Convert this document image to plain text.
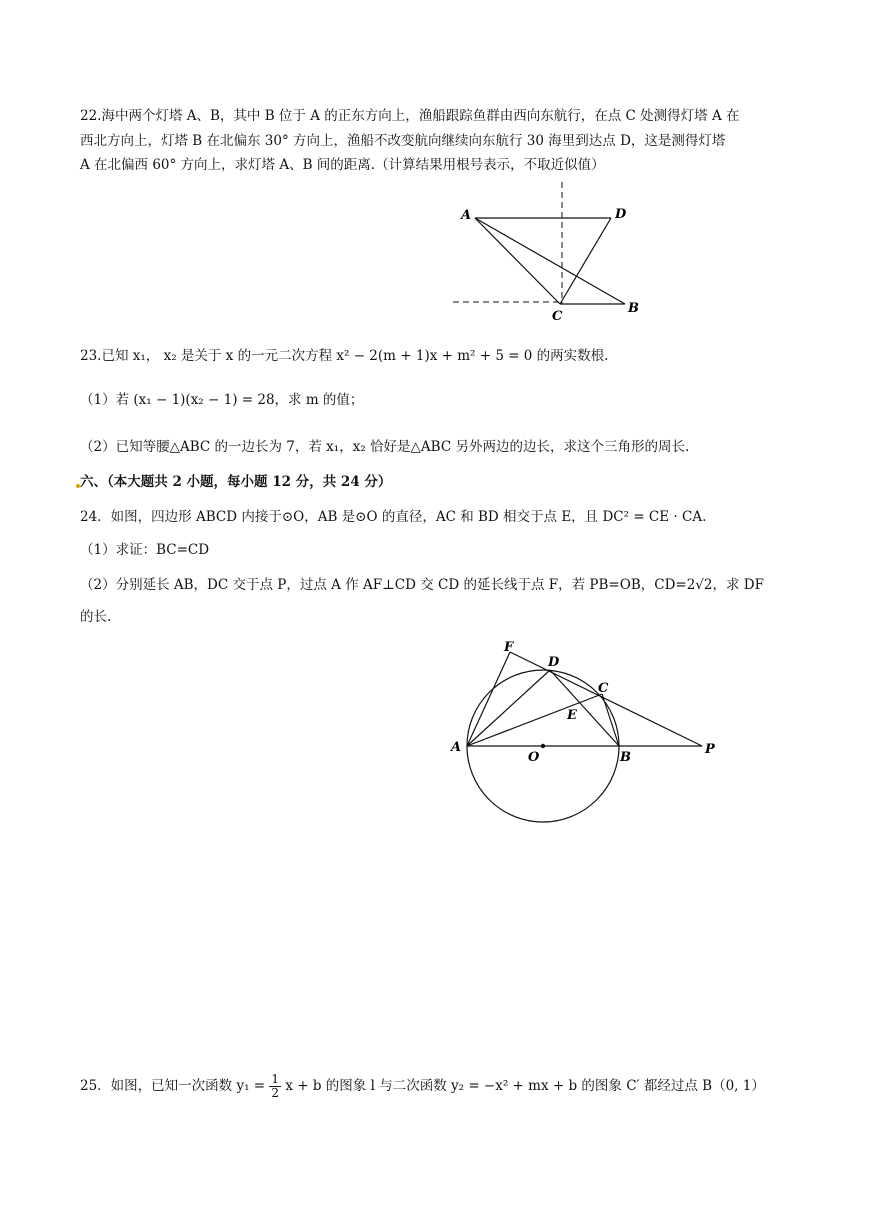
22.海中两个灯塔 A、B，其中 B 位于 A 的正东方向上，渔船跟踪鱼群由西向东航行，在点 C 处测得灯塔 A 在
西北方向上，灯塔 B 在北偏东 30° 方向上，渔船不改变航向继续向东航行 30 海里到达点 D，这是测得灯塔
A 在北偏西 60° 方向上，求灯塔 A、B 间的距离.（计算结果用根号表示，不取近似值）
A	D
C
B
23.已知 x₁， x₂ 是关于 x 的一元二次方程 x² − 2(m + 1)x + m² + 5 = 0 的两实数根.
（1）若 (x₁ − 1)(x₂ − 1) = 28，求 m 的值；
（2）已知等腰△ABC 的一边长为 7，若 x₁，x₂ 恰好是△ABC 另外两边的边长，求这个三角形的周长.
六、（本大题共 2 小题，每小题 12 分，共 24 分）
24．如图，四边形 ABCD 内接于⊙O，AB 是⊙O 的直径，AC 和 BD 相交于点 E，且 DC² = CE · CA.
（1）求证：BC=CD
（2）分别延长 AB，DC 交于点 P，过点 A 作 AF⊥CD 交 CD 的延长线于点 F，若 PB=OB，CD=2√2，求 DF
的长.
F
D
C
E
A
O	B
P
25．如图，已知一次函数 $y_1 = \frac{1}{2}$ x + b 的图象 l 与二次函数 y₂ = −x² + mx + b 的图象 C′ 都经过点 B（0, 1）
